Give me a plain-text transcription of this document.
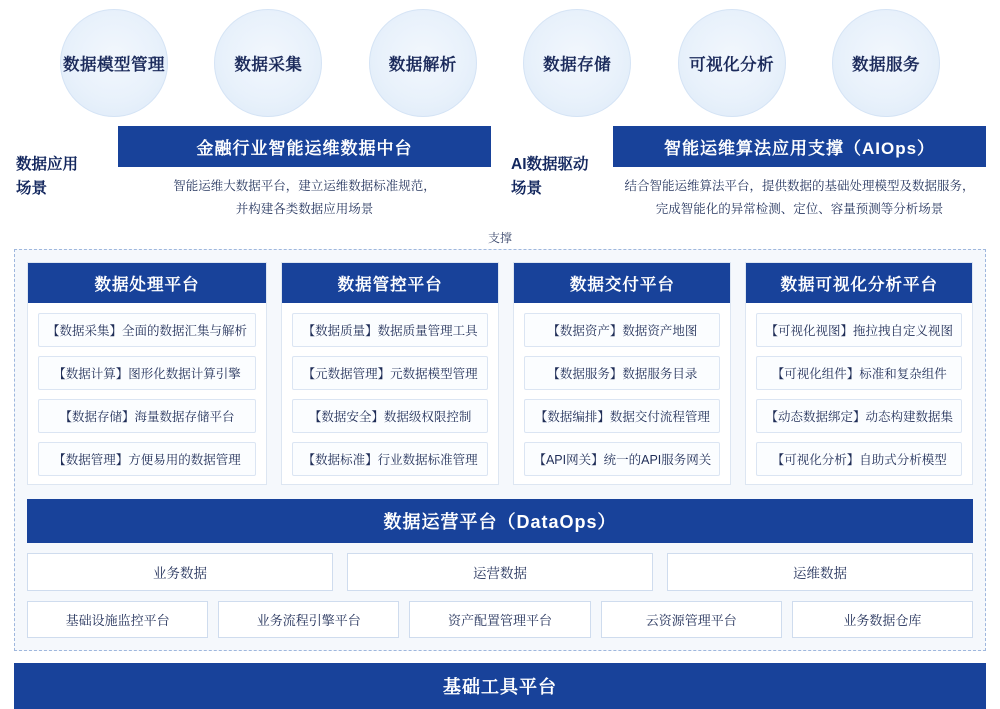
数据模型管理	数据采集	数据解析	数据存储	可视化分析	数据服务
数据应用
场景
金融行业智能运维数据中台
智能运维大数据平台，建立运维数据标准规范，
并构建各类数据应用场景
AI数据驱动
场景
智能运维算法应用支撑（AIOps）
结合智能运维算法平台，提供数据的基础处理模型及数据服务，
完成智能化的异常检测、定位、容量预测等分析场景
支撑
数据处理平台
【数据采集】全面的数据汇集与解析
【数据计算】图形化数据计算引擎
【数据存储】海量数据存储平台
【数据管理】方便易用的数据管理
数据管控平台
【数据质量】数据质量管理工具
【元数据管理】元数据模型管理
【数据安全】数据级权限控制
【数据标准】行业数据标准管理
数据交付平台
【数据资产】数据资产地图
【数据服务】数据服务目录
【数据编排】数据交付流程管理
【API网关】统一的API服务网关
数据可视化分析平台
【可视化视图】拖拉拽自定义视图
【可视化组件】标准和复杂组件
【动态数据绑定】动态构建数据集
【可视化分析】自助式分析模型
数据运营平台（DataOps）
业务数据	运营数据	运维数据
基础设施监控平台	业务流程引擎平台	资产配置管理平台	云资源管理平台	业务数据仓库
基础工具平台
